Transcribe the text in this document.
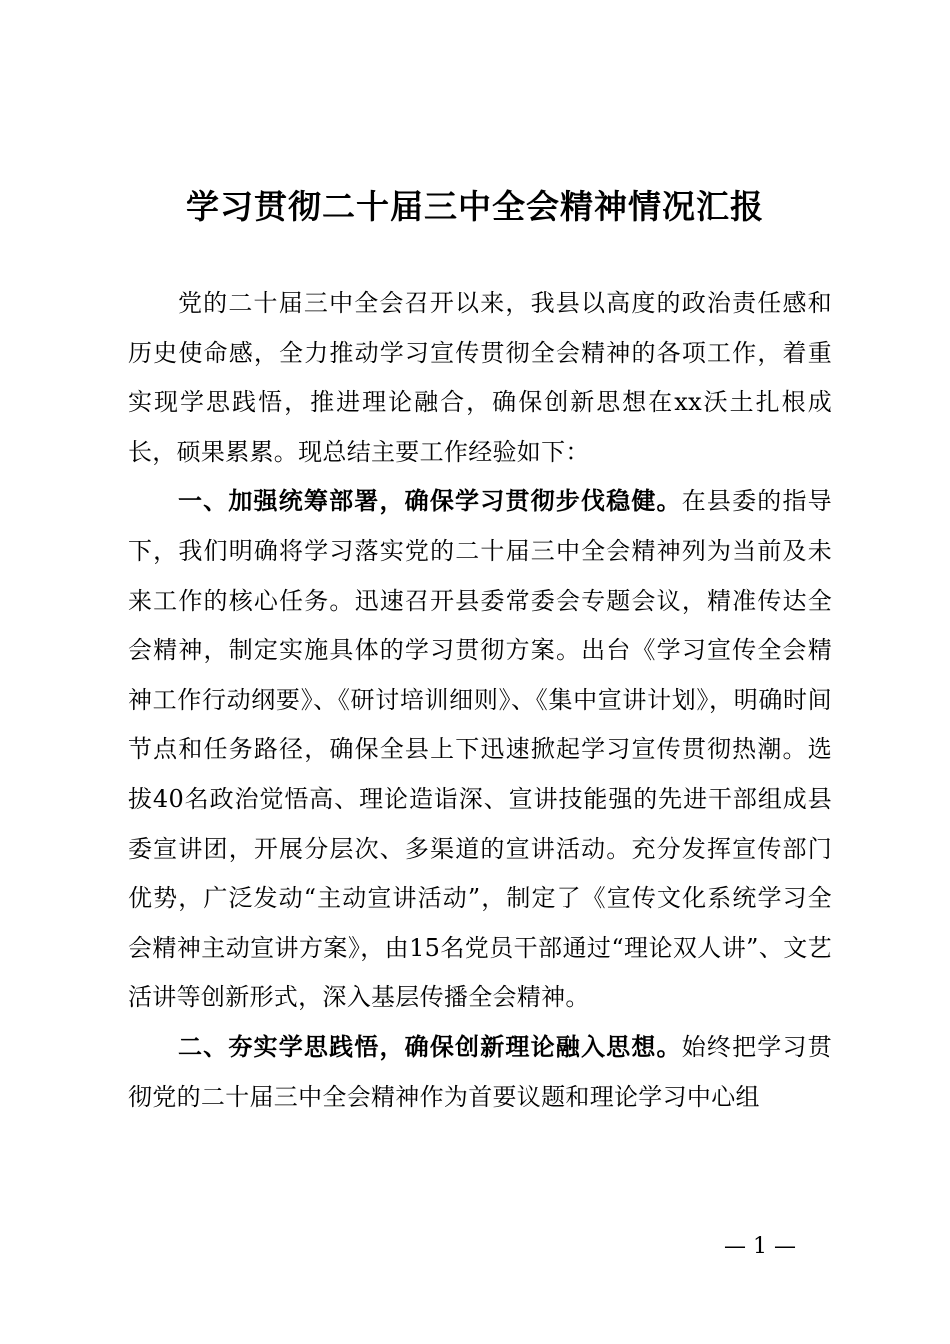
学习贯彻二十届三中全会精神情况汇报

党的二十届三中全会召开以来，我县以高度的政治责任感和历史使命感，全力推动学习宣传贯彻全会精神的各项工作，着重实现学思践悟，推进理论融合，确保创新思想在xx沃土扎根成长，硕果累累。现总结主要工作经验如下：

一、加强统筹部署，确保学习贯彻步伐稳健。在县委的指导下，我们明确将学习落实党的二十届三中全会精神列为当前及未来工作的核心任务。迅速召开县委常委会专题会议，精准传达全会精神，制定实施具体的学习贯彻方案。出台《学习宣传全会精神工作行动纲要》、《研讨培训细则》、《集中宣讲计划》，明确时间节点和任务路径，确保全县上下迅速掀起学习宣传贯彻热潮。选拔40名政治觉悟高、理论造诣深、宣讲技能强的先进干部组成县委宣讲团，开展分层次、多渠道的宣讲活动。充分发挥宣传部门优势，广泛发动“主动宣讲活动”，制定了《宣传文化系统学习全会精神主动宣讲方案》，由15名党员干部通过“理论双人讲”、文艺活讲等创新形式，深入基层传播全会精神。

二、夯实学思践悟，确保创新理论融入思想。始终把学习贯彻党的二十届三中全会精神作为首要议题和理论学习中心组

— 1 —
